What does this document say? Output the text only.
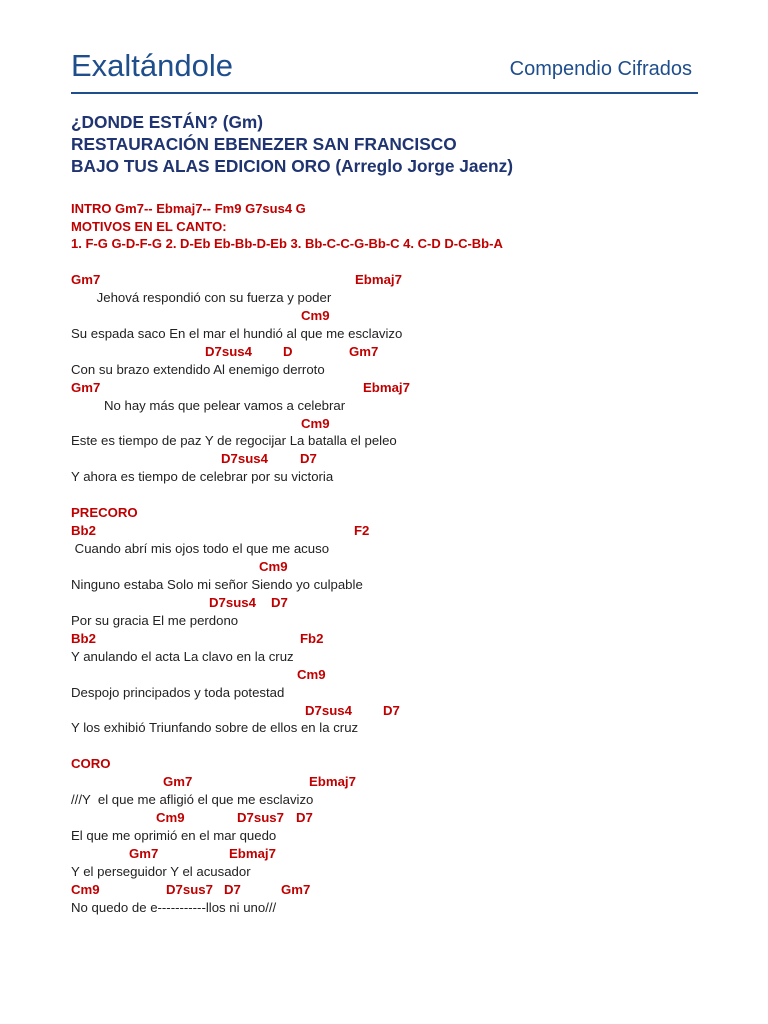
Exaltándole	Compendio Cifrados
¿DONDE ESTÁN? (Gm)
RESTAURACIÓN EBENEZER SAN FRANCISCO
BAJO TUS ALAS EDICION ORO (Arreglo Jorge Jaenz)
INTRO Gm7-- Ebmaj7-- Fm9 G7sus4 G
MOTIVOS EN EL CANTO:
1. F-G G-D-F-G 2. D-Eb Eb-Bb-D-Eb 3. Bb-C-C-G-Bb-C 4. C-D D-C-Bb-A
Gm7	Ebmaj7
Jehová respondió con su fuerza y poder
Cm9
Su espada saco En el mar el hundió al que me esclavizo
D7sus4 D	Gm7
Con su brazo extendido Al enemigo derroto
Gm7	Ebmaj7
No hay más que pelear vamos a celebrar
Cm9
Este es tiempo de paz Y de regocijar La batalla el peleo
D7sus4 D7
Y ahora es tiempo de celebrar por su victoria
PRECORO
Bb2	F2
Cuando abrí mis ojos todo el que me acuso
Cm9
Ninguno estaba Solo mi señor Siendo yo culpable
D7sus4 D7
Por su gracia El me perdono
Bb2	Fb2
Y anulando el acta La clavo en la cruz
Cm9
Despojo principados y toda potestad
D7sus4 D7
Y los exhibió Triunfando sobre de ellos en la cruz
CORO
Gm7	Ebmaj7
///Y  el que me afligió el que me esclavizo
Cm9	D7sus7 D7
El que me oprimió en el mar quedo
Gm7	Ebmaj7
Y el perseguidor Y el acusador
Cm9	D7sus7 D7	Gm7
No quedo de e-----------llos ni uno///
